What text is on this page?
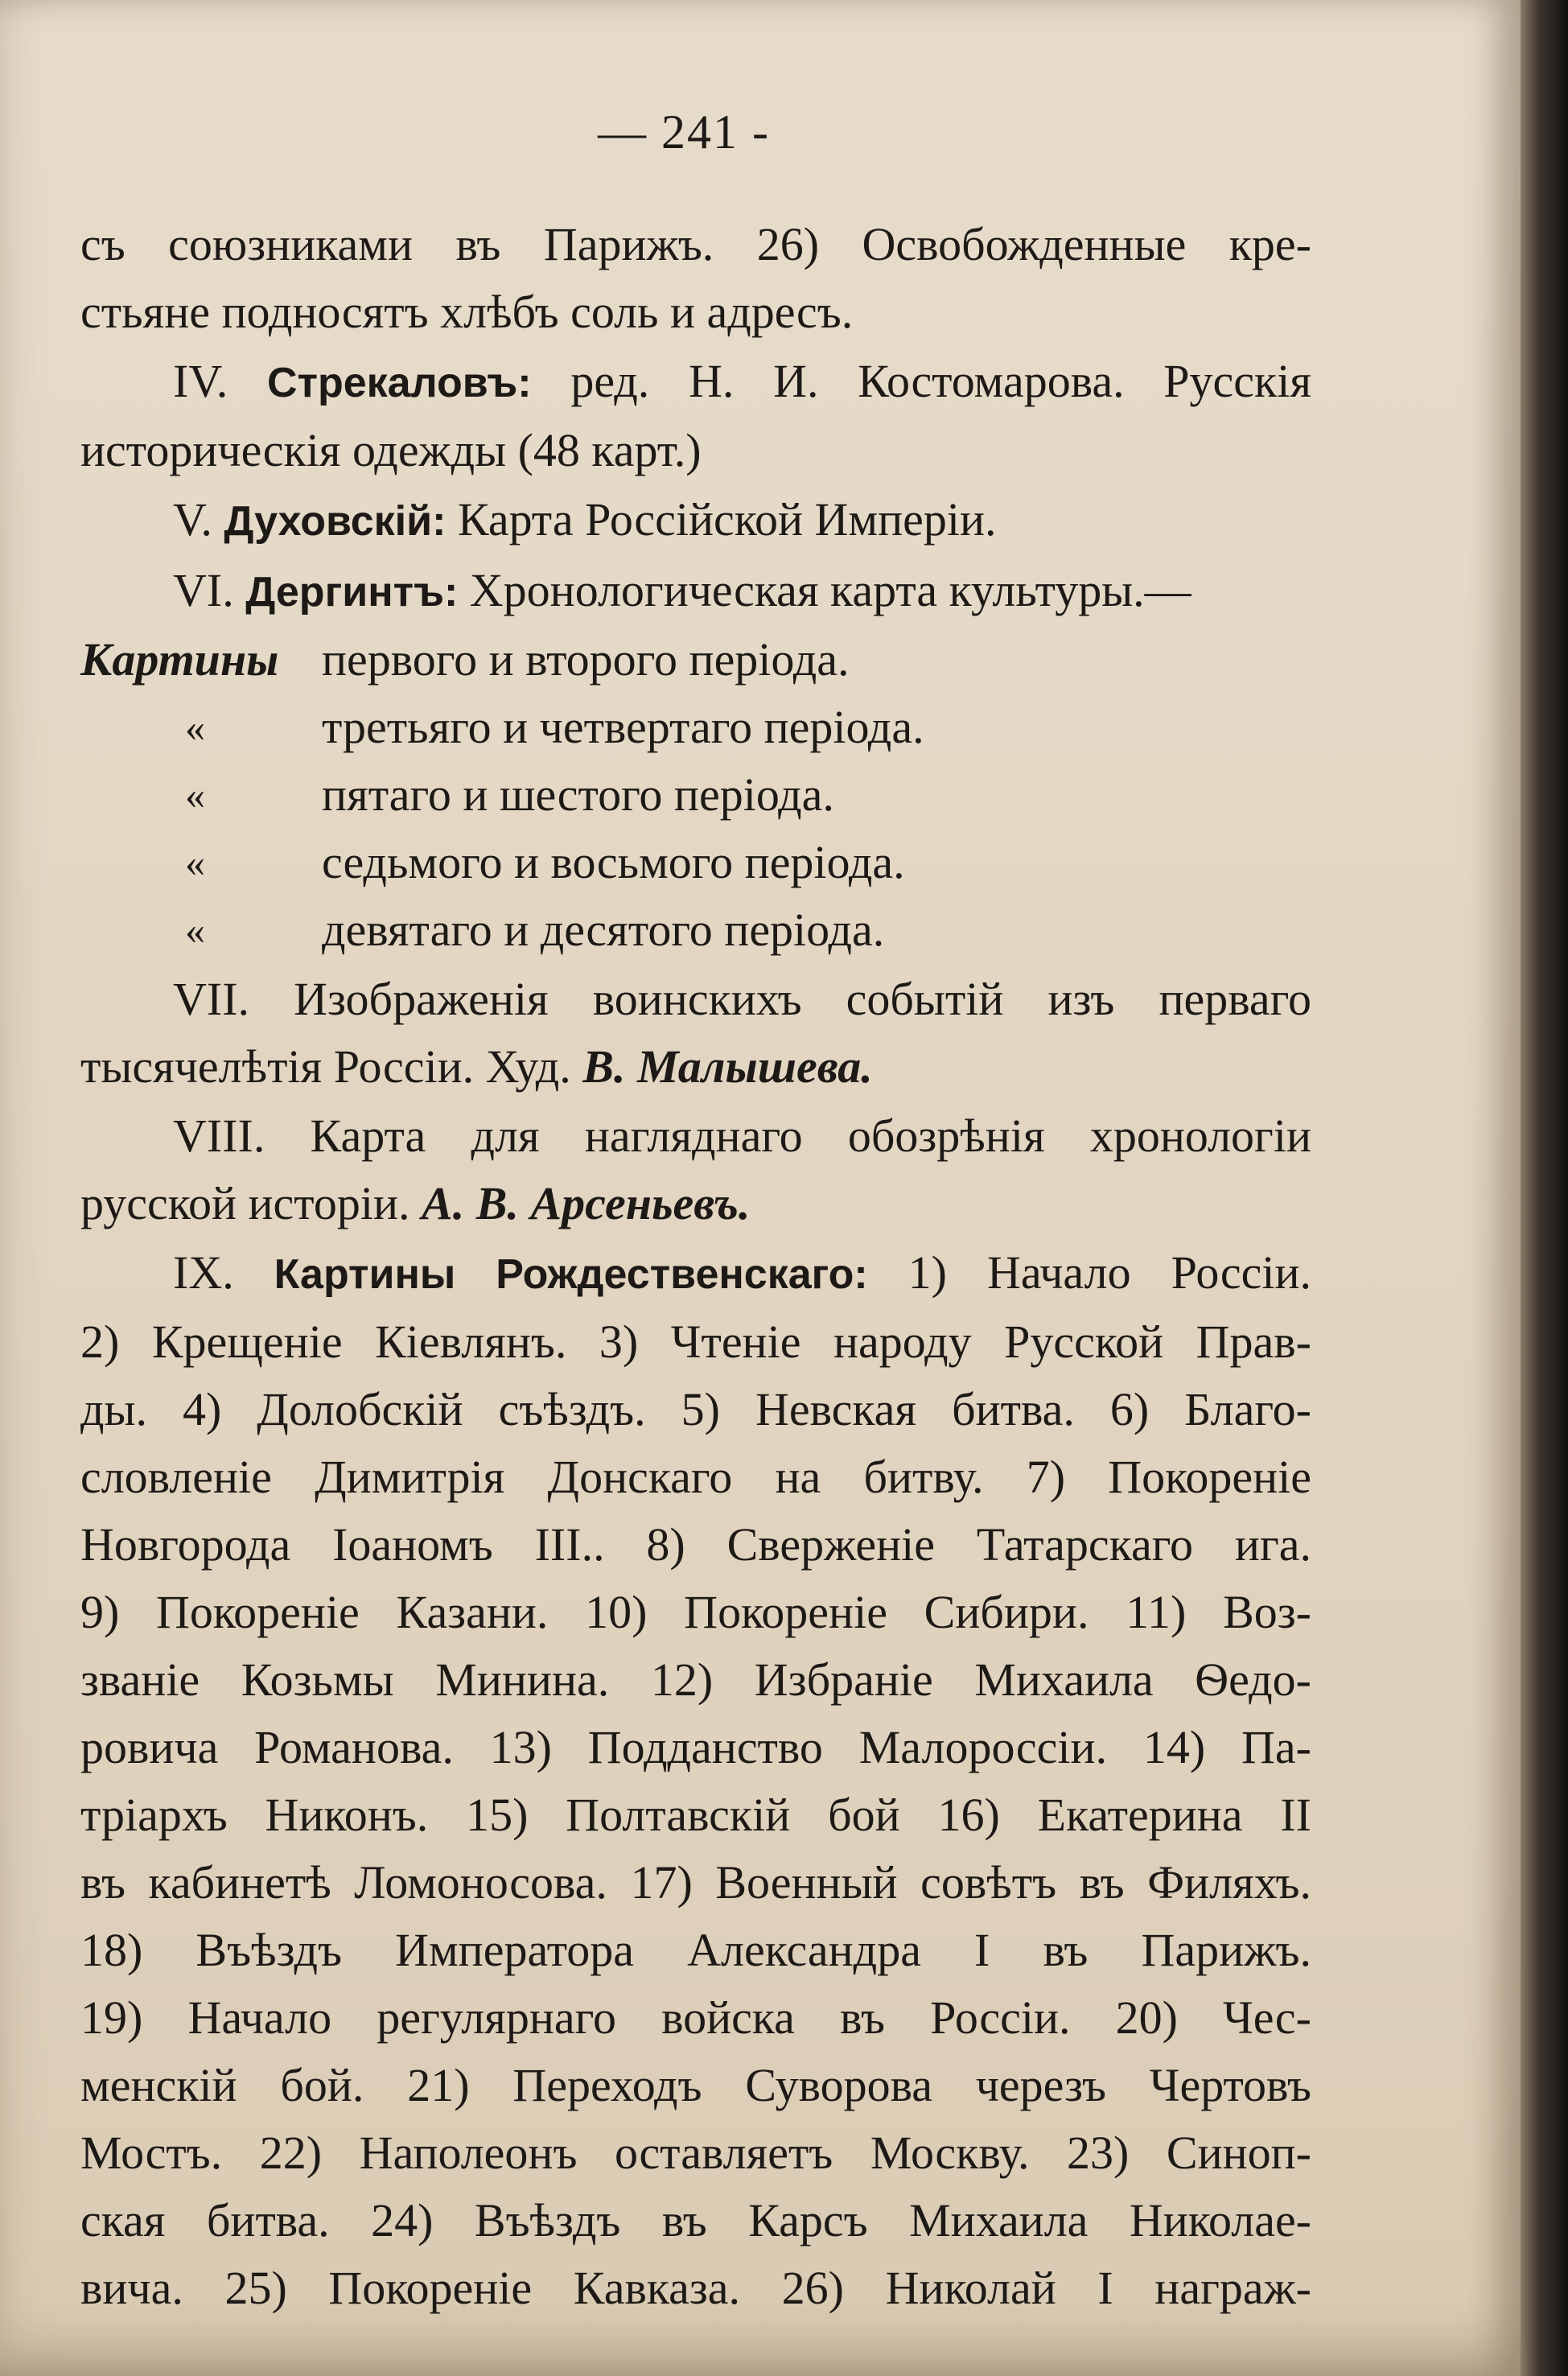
— 241 -
съ союзниками въ Парижъ. 26) Освобожденные кре-
стьяне подносятъ хлѣбъ соль и адресъ.
IV. Стрекаловъ: ред. Н. И. Костомарова. Русскія
историческія одежды (48 карт.)
V. Духовскій: Карта Россійской Имперіи.
VI. Дергинтъ: Хронологическая карта культуры.—
Картины первого и второго періода.
«	третьяго и четвертаго періода.
«	пятаго и шестого періода.
«	седьмого и восьмого періода.
«	девятаго и десятого періода.
VII. Изображенія воинскихъ событій изъ перваго
тысячелѣтія Россіи. Худ. В. Малышева.
VIII. Карта для нагляднаго обозрѣнія хронологіи
русской исторіи. А. В. Арсеньевъ.
IX. Картины Рождественскаго: 1) Начало Россіи.
2) Крещеніе Кіевлянъ. 3) Чтеніе народу Русской Прав-
ды. 4) Долобскій съѣздъ. 5) Невская битва. 6) Благо-
словленіе Димитрія Донскаго на битву. 7) Покореніе
Новгорода Іоаномъ III.. 8) Сверженіе Татарскаго ига.
9) Покореніе Казани. 10) Покореніе Сибири. 11) Воз-
званіе Козьмы Минина. 12) Избраніе Михаила Ѳедо-
ровича Романова. 13) Подданство Малороссіи. 14) Па-
тріархъ Никонъ. 15) Полтавскій бой 16) Екатерина II
въ кабинетѣ Ломоносова. 17) Военный совѣтъ въ Филяхъ.
18) Въѣздъ Императора Александра I въ Парижъ.
19) Начало регулярнаго войска въ Россіи. 20) Чес-
менскій бой. 21) Переходъ Суворова черезъ Чертовъ
Мостъ. 22) Наполеонъ оставляетъ Москву. 23) Синоп-
ская битва. 24) Въѣздъ въ Карсъ Михаила Николае-
вича. 25) Покореніе Кавказа. 26) Николай I награж-
